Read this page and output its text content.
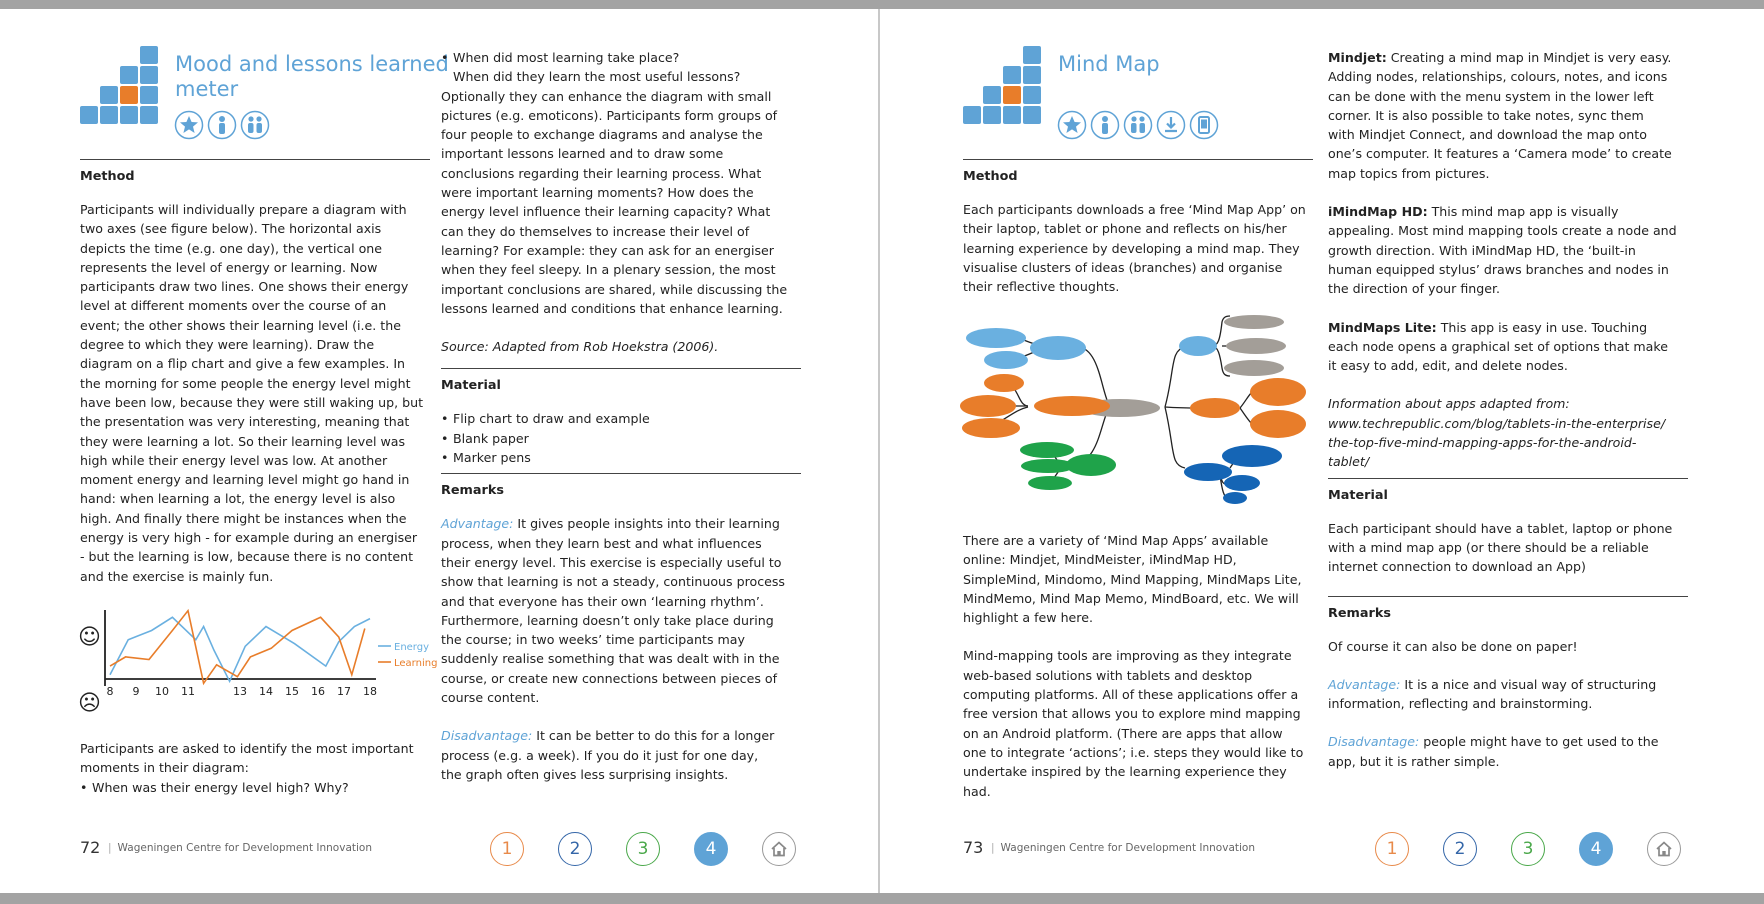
Mood and lessons learned
meter
Method

Participants will individually prepare a diagram with

two axes (see figure below). The horizontal axis

depicts the time (e.g. one day), the vertical one

represents the level of energy or learning. Now

participants draw two lines. One shows their energy

level at different moments over the course of an

event; the other shows their learning level (i.e. the

degree to which they were learning). Draw the

diagram on a flip chart and give a few examples. In

the morning for some people the energy level might

have been low, because they were still waking up, but

the presentation was very interesting, meaning that

they were learning a lot. So their learning level was

high while their energy level was low. At another

moment energy and learning level might go hand in

hand: when learning a lot, the energy level is also

high. And finally there might be instances when the

energy is very high - for example during an energiser

- but the learning is low, because there is no content

and the exercise is mainly fun.

☺
☹ 8 9 10 11	13 14 15 16 17 18
Energy
Learning

Participants are asked to identify the most important

moments in their diagram:

• When was their energy level high? Why?
• When did most learning take place?

When did they learn the most useful lessons?

Optionally they can enhance the diagram with small

pictures (e.g. emoticons). Participants form groups of

four people to exchange diagrams and analyse the

important lessons learned and to draw some

conclusions regarding their learning process. What

were important learning moments? How does the

energy level influence their learning capacity? What

can they do themselves to increase their level of

learning? For example: they can ask for an energiser

when they feel sleepy. In a plenary session, the most

important conclusions are shared, while discussing the

lessons learned and conditions that enhance learning.

Source: Adapted from Rob Hoekstra (2006).

Material
• Flip chart to draw and example
• Blank paper
• Marker pens
Remarks

Advantage: It gives people insights into their learning

process, when they learn best and what influences

their energy level. This exercise is especially useful to

show that learning is not a steady, continuous process

and that everyone has their own ‘learning rhythm’.

Furthermore, learning doesn’t only take place during

the course; in two weeks’ time participants may

suddenly realise something that was dealt with in the

course, or create new connections between pieces of

course content.

Disadvantage: It can be better to do this for a longer

process (e.g. a week). If you do it just for one day,

the graph often gives less surprising insights.

72 | Wageningen Centre for Development Innovation	1	2	3	4
Mind Map
Method

Each participants downloads a free ‘Mind Map App’ on

their laptop, tablet or phone and reflects on his/her

learning experience by developing a mind map. They

visualise clusters of ideas (branches) and organise

their reflective thoughts.

There are a variety of ‘Mind Map Apps’ available

online: Mindjet, MindMeister, iMindMap HD,

SimpleMind, Mindomo, Mind Mapping, MindMaps Lite,

MindMemo, Mind Map Memo, MindBoard, etc. We will

highlight a few here.

Mind-mapping tools are improving as they integrate

web-based solutions with tablets and desktop

computing platforms. All of these applications offer a

free version that allows you to explore mind mapping

on an Android platform. (There are apps that allow

one to integrate ‘actions’; i.e. steps they would like to

undertake inspired by the learning experience they

had.

Mindjet: Creating a mind map in Mindjet is very easy.

Adding nodes, relationships, colours, notes, and icons

can be done with the menu system in the lower left

corner. It is also possible to take notes, sync them

with Mindjet Connect, and download the map onto

one’s computer. It features a ‘Camera mode’ to create

map topics from pictures.

iMindMap HD: This mind map app is visually

appealing. Most mind mapping tools create a node and

growth direction. With iMindMap HD, the ‘built-in

human equipped stylus’ draws branches and nodes in

the direction of your finger.

MindMaps Lite: This app is easy in use. Touching

each node opens a graphical set of options that make

it easy to add, edit, and delete nodes.

Information about apps adapted from:

www.techrepublic.com/blog/tablets-in-the-enterprise/

the-top-five-mind-mapping-apps-for-the-android-

tablet/

Material

Each participant should have a tablet, laptop or phone

with a mind map app (or there should be a reliable

internet connection to download an App)

Remarks

Of course it can also be done on paper!

Advantage: It is a nice and visual way of structuring

information, reflecting and brainstorming.

Disadvantage: people might have to get used to the

app, but it is rather simple.

73 | Wageningen Centre for Development Innovation	1	2	3	4
